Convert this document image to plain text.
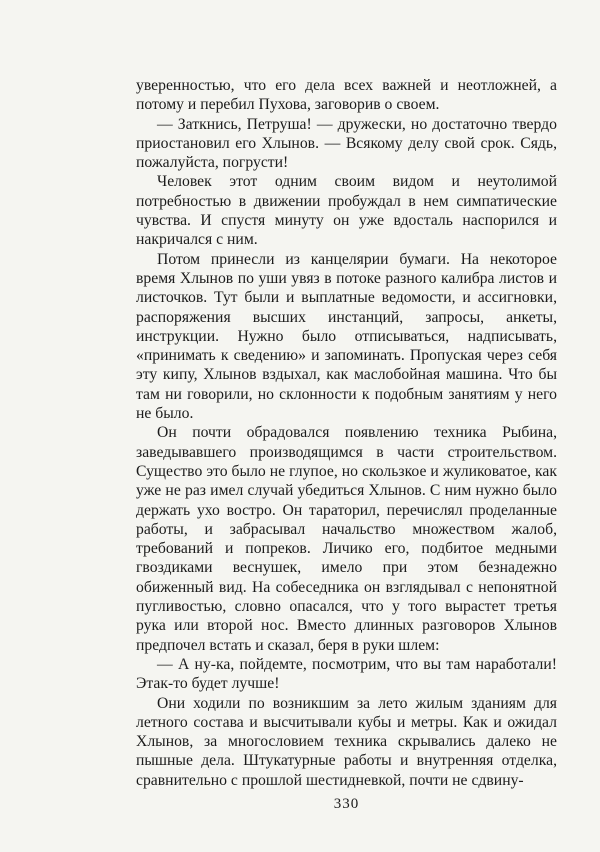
уверенностью, что его дела всех важней и неотложней, а потому и перебил Пухова, заговорив о своем.

— Заткнись, Петруша! — дружески, но достаточно твердо приостановил его Хлынов. — Всякому делу свой срок. Сядь, пожалуйста, погрусти!

Человек этот одним своим видом и неутолимой потребностью в движении пробуждал в нем симпатические чувства. И спустя минуту он уже вдосталь наспорился и накричался с ним.

Потом принесли из канцелярии бумаги. На некоторое время Хлынов по уши увяз в потоке разного калибра листов и листочков. Тут были и выплатные ведомости, и ассигновки, распоряжения высших инстанций, запросы, анкеты, инструкции. Нужно было отписываться, надписывать, «принимать к сведению» и запоминать. Пропуская через себя эту кипу, Хлынов вздыхал, как маслобойная машина. Что бы там ни говорили, но склонности к подобным занятиям у него не было.

Он почти обрадовался появлению техника Рыбина, заведывавшего производящимся в части строительством. Существо это было не глупое, но скользкое и жуликоватое, как уже не раз имел случай убедиться Хлынов. С ним нужно было держать ухо востро. Он тараторил, перечислял проделанные работы, и забрасывал начальство множеством жалоб, требований и попреков. Личико его, подбитое медными гвоздиками веснушек, имело при этом безнадежно обиженный вид. На собеседника он взглядывал с непонятной пугливостью, словно опасался, что у того вырастет третья рука или второй нос. Вместо длинных разговоров Хлынов предпочел встать и сказал, беря в руки шлем:

— А ну-ка, пойдемте, посмотрим, что вы там наработали! Этак-то будет лучше!

Они ходили по возникшим за лето жилым зданиям для летного состава и высчитывали кубы и метры. Как и ожидал Хлынов, за многословием техника скрывались далеко не пышные дела. Штукатурные работы и внутренняя отделка, сравнительно с прошлой шестидневкой, почти не сдвину-

330
